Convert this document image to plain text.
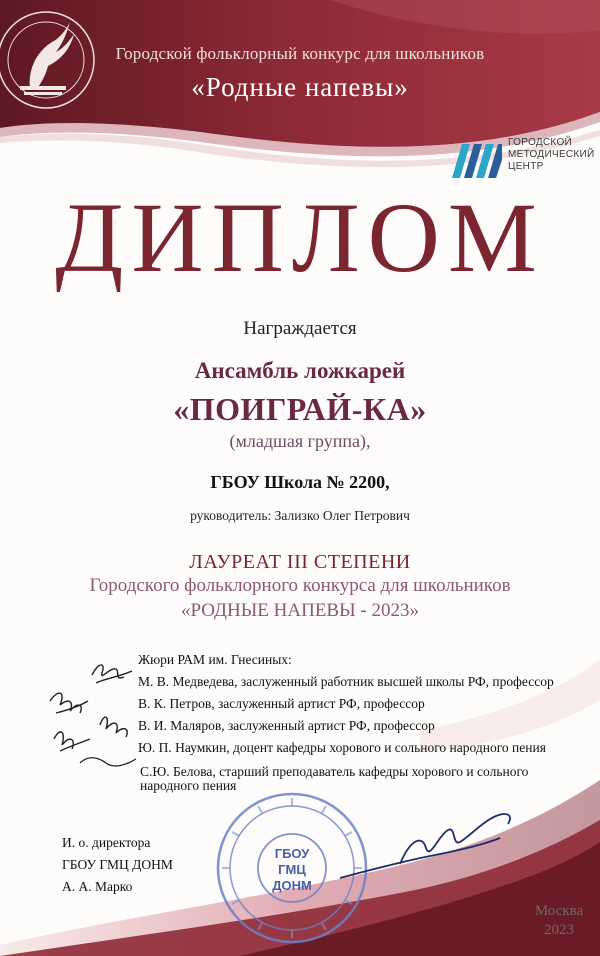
Городской фольклорный конкурс для школьников
«Родные напевы»
ГОРОДСКОЙ
МЕТОДИЧЕСКИЙ
ЦЕНТР
ДИПЛОМ
Награждается
Ансамбль ложкарей
«ПОИГРАЙ-КА»
(младшая группа),
ГБОУ Школа № 2200,
руководитель: Зализко Олег Петрович
ЛАУРЕАТ III СТЕПЕНИ
Городского фольклорного конкурса для школьников
«РОДНЫЕ НАПЕВЫ - 2023»
Жюри РАМ им. Гнесиных:
М. В. Медведева, заслуженный работник высшей школы РФ, профессор
В. К. Петров, заслуженный артист РФ, профессор
В. И. Маляров, заслуженный артист РФ, профессор
Ю. П. Наумкин, доцент кафедры хорового и сольного народного пения
С.Ю. Белова, старший преподаватель кафедры хорового и сольного
народного пения
И. о. директора
ГБОУ ГМЦ ДОНМ
А. А. Марко
ГБОУ
ГМЦ
ДОНМ
Москва
2023
